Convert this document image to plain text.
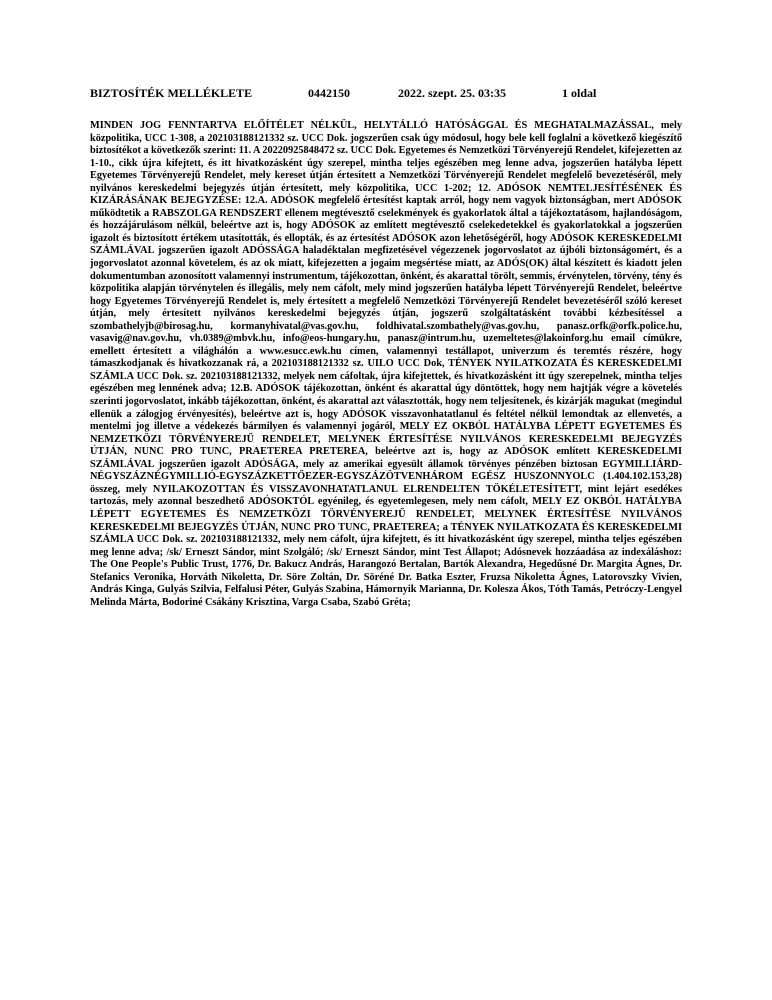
BIZTOSÍTÉK MELLÉKLETE	0442150	2022. szept. 25. 03:35	1 oldal
MINDEN JOG FENNTARTVA ELŐÍTÉLET NÉLKÜL, HELYTÁLLÓ HATÓSÁGGAL ÉS MEGHATALMAZÁSSAL, mely közpolitika, UCC 1-308, a 202103188121332 sz. UCC Dok. jogszerűen csak úgy módosul, hogy bele kell foglalni a következő kiegészítő biztosítékot a következők szerint: 11. A 20220925848472 sz. UCC Dok. Egyetemes és Nemzetközi Törvényerejű Rendelet, kifejezetten az 1-10., cikk újra kifejtett, és itt hivatkozásként úgy szerepel, mintha teljes egészében meg lenne adva, jogszerűen hatályba lépett Egyetemes Törvényerejű Rendelet, mely kereset útján értesített a Nemzetközi Törvényerejű Rendelet megfelelő bevezetéséről, mely nyilvános kereskedelmi bejegyzés útján értesített, mely közpolitika, UCC 1-202; 12. ADÓSOK NEMTELJESÍTÉSÉNEK ÉS KIZÁRÁSÁNAK BEJEGYZÉSE: 12.A. ADÓSOK megfelelő értesítést kaptak arról, hogy nem vagyok biztonságban, mert ADÓSOK működtetik a RABSZOLGA RENDSZERT ellenem megtévesztő cselekmények és gyakorlatok által a tájékoztatásom, hajlandóságom, és hozzájárulásom nélkül, beleértve azt is, hogy ADÓSOK az említett megtévesztő cselekedetekkel és gyakorlatokkal a jogszerűen igazolt és biztosított értékem utasították, és ellopták, és az értesítést ADÓSOK azon lehetőségéről, hogy ADÓSOK KERESKEDELMI SZÁMLÁVAL jogszerűen igazolt ADÓSSÁGA haladéktalan megfizetésével végezzenek jogorvoslatot az újbóli biztonságomért, és a jogorvoslatot azonnal követelem, és az ok miatt, kifejezetten a jogaim megsértése miatt, az ADÓS(OK) által készített és kiadott jelen dokumentumban azonosított valamennyi instrumentum, tájékozottan, önként, és akarattal törölt, semmis, érvénytelen, törvény, tény és közpolitika alapján törvénytelen és illegális, mely nem cáfolt, mely mind jogszerűen hatályba lépett Törvényerejű Rendelet, beleértve hogy Egyetemes Törvényerejű Rendelet is, mely értesített a megfelelő Nemzetközi Törvényerejű Rendelet bevezetéséről szóló kereset útján, mely értesített nyilvános kereskedelmi bejegyzés útján, jogszerű szolgáltatásként további kézbesítéssel a szombathelyjb@birosag.hu, kormanyhivatal@vas.gov.hu, foldhivatal.szombathely@vas.gov.hu, panasz.orfk@orfk.police.hu, vasavig@nav.gov.hu, vh.0389@mbvk.hu, info@eos-hungary.hu, panasz@intrum.hu, uzemeltetes@lakoinforg.hu email címükre, emellett értesített a világhálón a www.esucc.ewk.hu címen, valamennyi testállapot, univerzum és teremtés részére, hogy támaszkodjanak és hivatkozzanak rá, a 202103188121332 sz. UILO UCC Dok, TÉNYEK NYILATKOZATA ÉS KERESKEDELMI SZÁMLA UCC Dok. sz. 202103188121332, melyek nem cáfoltak, újra kifejtettek, és hivatkozásként itt úgy szerepelnek, mintha teljes egészében meg lennének adva; 12.B. ADÓSOK tájékozottan, önként és akarattal úgy döntöttek, hogy nem hajtják végre a követelés szerinti jogorvoslatot, inkább tájékozottan, önként, és akarattal azt választották, hogy nem teljesítenek, és kizárják magukat (megindul ellenük a zálogjog érvényesítés), beleértve azt is, hogy ADÓSOK visszavonhatatlanul és feltétel nélkül lemondtak az ellenvetés, a mentelmi jog illetve a védekezés bármilyen és valamennyi jogáról, MELY EZ OKBÓL HATÁLYBA LÉPETT EGYETEMES ÉS NEMZETKÖZI TÖRVÉNYEREJŰ RENDELET, MELYNEK ÉRTESÍTÉSE NYILVÁNOS KERESKEDELMI BEJEGYZÉS ÚTJÁN, NUNC PRO TUNC, PRAETEREA PRETEREA, beleértve azt is, hogy az ADÓSOK említett KERESKEDELMI SZÁMLÁVAL jogszerűen igazolt ADÓSÁGA, mely az amerikai egyesült államok törvényes pénzében biztosan EGYMILLIÁRD-NÉGYSZÁZNÉGYMILLIÓ-EGYSZÁZKETTŐEZER-EGYSZÁZÖTVENHÁROM EGÉSZ HUSZONNYOLC (1.404.102.153,28) összeg, mely NYILAKOZOTTAN ÉS VISSZAVONHATATLANUL ELRENDELTEN TÖKÉLETESÍTETT, mint lejárt esedékes tartozás, mely azonnal beszedhető ADÓSOKTÓL egyénileg, és egyetemlegesen, mely nem cáfolt, MELY EZ OKBÓL HATÁLYBA LÉPETT EGYETEMES ÉS NEMZETKÖZI TÖRVÉNYEREJŰ RENDELET, MELYNEK ÉRTESÍTÉSE NYILVÁNOS KERESKEDELMI BEJEGYZÉS ÚTJÁN, NUNC PRO TUNC, PRAETEREA; a TÉNYEK NYILATKOZATA ÉS KERESKEDELMI SZÁMLA UCC Dok. sz. 202103188121332, mely nem cáfolt, újra kifejtett, és itt hivatkozásként úgy szerepel, mintha teljes egészében meg lenne adva; /sk/ Erneszt Sándor, mint Szolgáló; /sk/ Erneszt Sándor, mint Test Állapot; Adósnevek hozzáadása az indexáláshoz: The One People's Public Trust, 1776, Dr. Bakucz András, Harangozó Bertalan, Bartók Alexandra, Hegedűsné Dr. Margita Ágnes, Dr. Stefanics Veronika, Horváth Nikoletta, Dr. Söre Zoltán, Dr. Söréné Dr. Batka Eszter, Fruzsa Nikoletta Ágnes, Latorovszky Vivien, András Kinga, Gulyás Szilvia, Felfalusi Péter, Gulyás Szabina, Hámornyik Marianna, Dr. Kolesza Ákos, Tóth Tamás, Petróczy-Lengyel Melinda Márta, Bodoriné Csákány Krisztina, Varga Csaba, Szabó Gréta;
